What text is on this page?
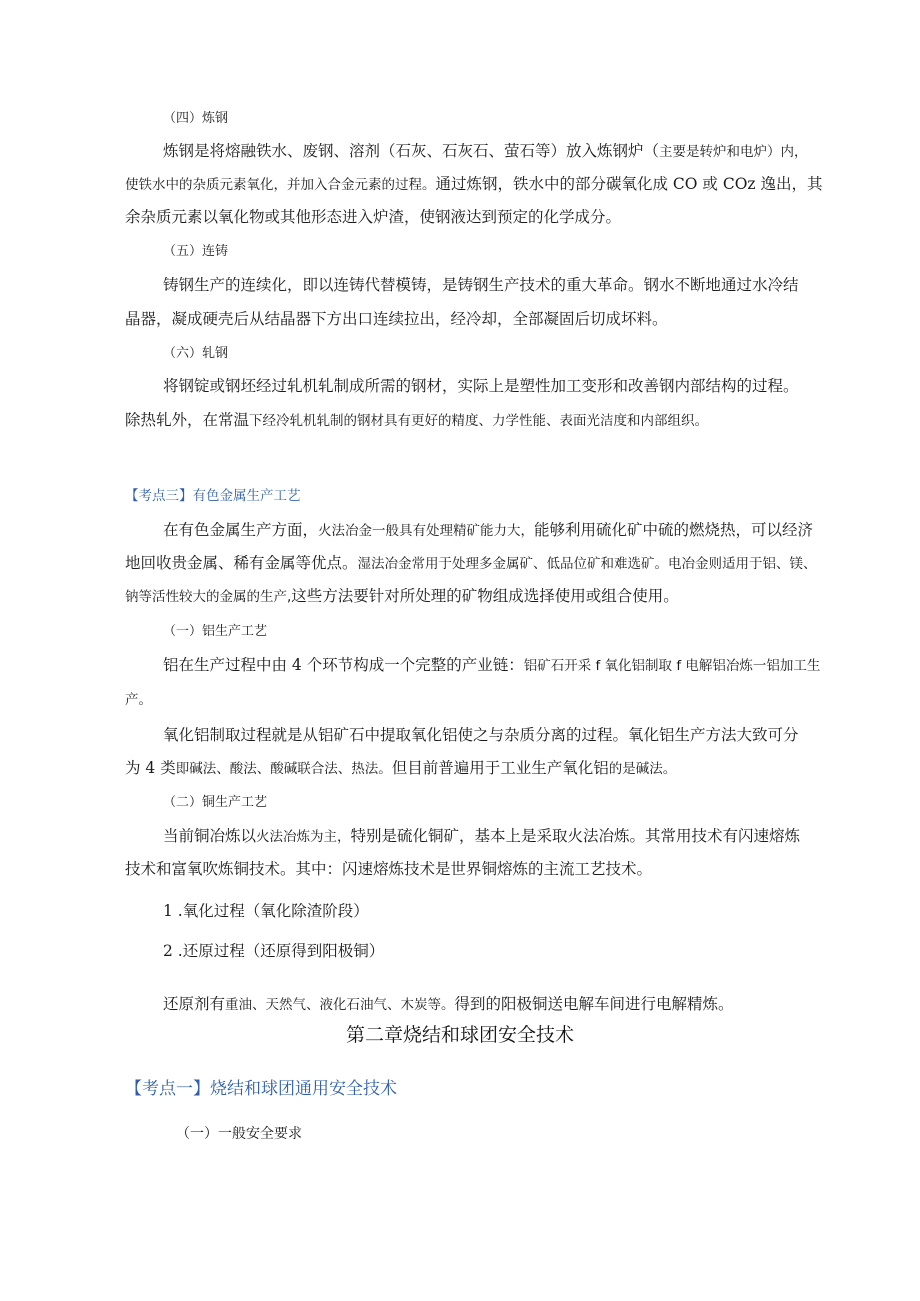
（四）炼钢
炼钢是将熔融铁水、废钢、溶剂（石灰、石灰石、萤石等）放入炼钢炉（主要是转炉和电炉）内，
使铁水中的杂质元素氧化，并加入合金元素的过程。通过炼钢，铁水中的部分碳氧化成 CO 或 COz 逸出，其
余杂质元素以氧化物或其他形态进入炉渣，使钢液达到预定的化学成分。
（五）连铸
铸钢生产的连续化，即以连铸代替模铸，是铸钢生产技术的重大革命。钢水不断地通过水冷结
晶器，凝成硬壳后从结晶器下方出口连续拉出，经冷却，全部凝固后切成坏料。
（六）轧钢
将钢锭或钢坯经过轧机轧制成所需的钢材，实际上是塑性加工变形和改善钢内部结构的过程。
除热轧外，在常温下经冷轧机轧制的钢材具有更好的精度、力学性能、表面光洁度和内部组织。
【考点三】有色金属生产工艺
在有色金属生产方面，火法冶金一般具有处理精矿能力大，能够利用硫化矿中硫的燃烧热，可以经济
地回收贵金属、稀有金属等优点。湿法冶金常用于处理多金属矿、低品位矿和难选矿。电冶金则适用于铝、镁、
钠等活性较大的金属的生产,这些方法要针对所处理的矿物组成选择使用或组合使用。
（一）铝生产工艺
铝在生产过程中由 4 个环节构成一个完整的产业链：铝矿石开采 f 氧化铝制取 f 电解铝冶炼一铝加工生
产。
氧化铝制取过程就是从铝矿石中提取氧化铝使之与杂质分离的过程。氧化铝生产方法大致可分
为 4 类即碱法、酸法、酸碱联合法、热法。但目前普遍用于工业生产氧化铝的是碱法。
（二）铜生产工艺
当前铜冶炼以火法冶炼为主，特别是硫化铜矿，基本上是采取火法冶炼。其常用技术有闪速熔炼
技术和富氧吹炼铜技术。其中：闪速熔炼技术是世界铜熔炼的主流工艺技术。
1 .氧化过程（氧化除渣阶段）
2 .还原过程（还原得到阳极铜）
还原剂有重油、天然气、液化石油气、木炭等。得到的阳极铜送电解车间进行电解精炼。
第二章烧结和球团安全技术
【考点一】烧结和球团通用安全技术
（一）一般安全要求
